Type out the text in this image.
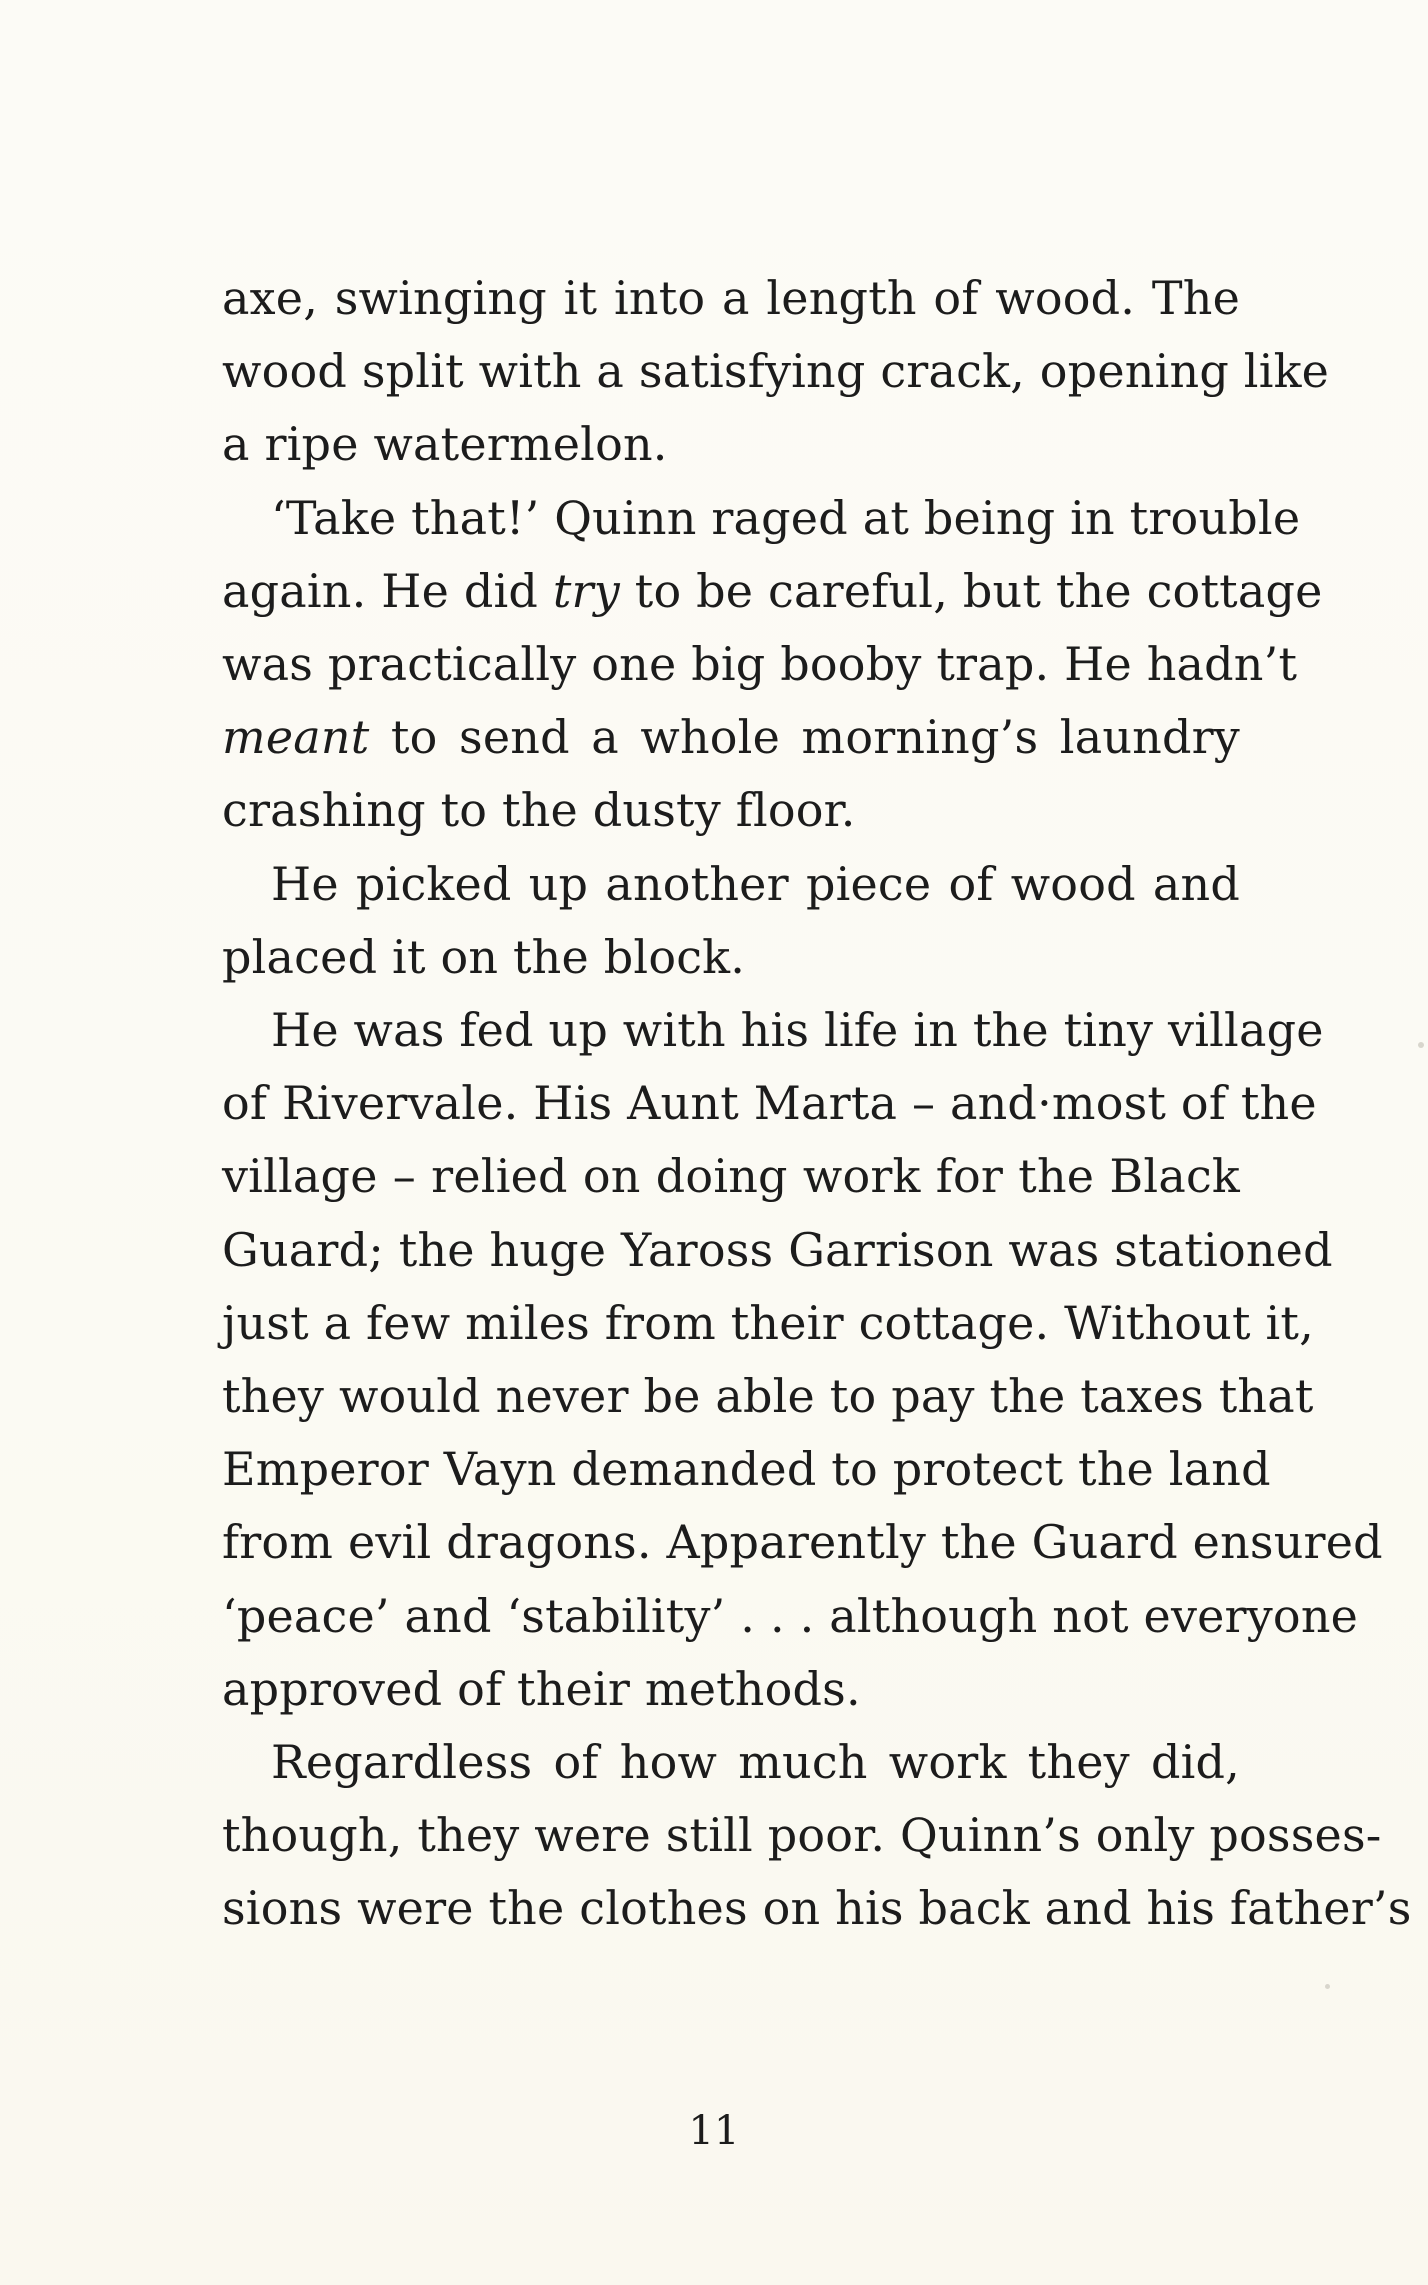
axe, swinging it into a length of wood. The
wood split with a satisfying crack, opening like
a ripe watermelon.
‘Take that!’ Quinn raged at being in trouble
again. He did try to be careful, but the cottage
was practically one big booby trap. He hadn’t
meant to send a whole morning’s laundry
crashing to the dusty floor.
He picked up another piece of wood and
placed it on the block.
He was fed up with his life in the tiny village
of Rivervale. His Aunt Marta – and·most of the
village – relied on doing work for the Black
Guard; the huge Yaross Garrison was stationed
just a few miles from their cottage. Without it,
they would never be able to pay the taxes that
Emperor Vayn demanded to protect the land
from evil dragons. Apparently the Guard ensured
‘peace’ and ‘stability’ . . . although not everyone
approved of their methods.
Regardless of how much work they did,
though, they were still poor. Quinn’s only posses-
sions were the clothes on his back and his father’s
11
